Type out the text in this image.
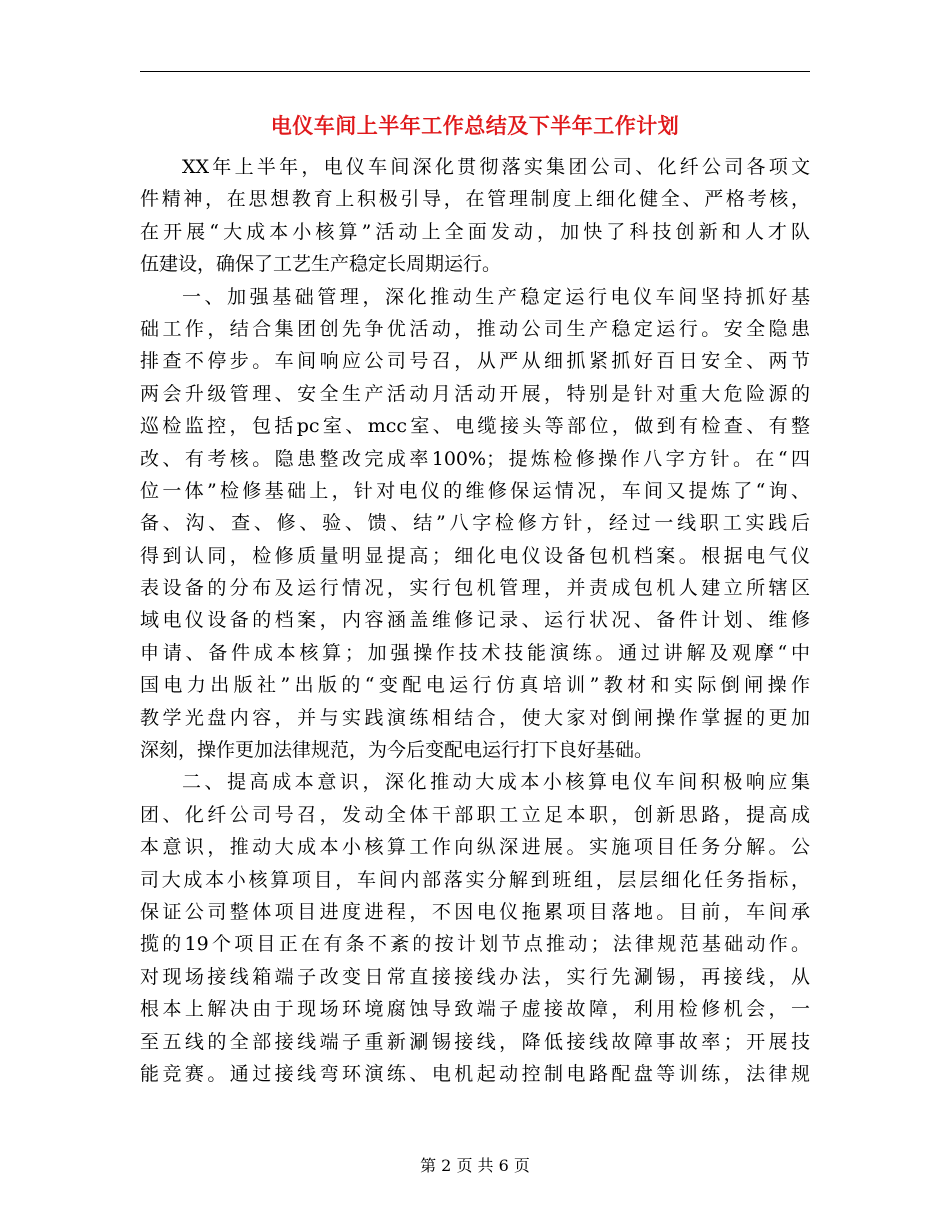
电仪车间上半年工作总结及下半年工作计划
XX年上半年，电仪车间深化贯彻落实集团公司、化纤公司各项文
件精神，在思想教育上积极引导，在管理制度上细化健全、严格考核，
在开展“大成本小核算”活动上全面发动，加快了科技创新和人才队
伍建设，确保了工艺生产稳定长周期运行。
一、加强基础管理，深化推动生产稳定运行电仪车间坚持抓好基
础工作，结合集团创先争优活动，推动公司生产稳定运行。安全隐患
排查不停步。车间响应公司号召，从严从细抓紧抓好百日安全、两节
两会升级管理、安全生产活动月活动开展，特别是针对重大危险源的
巡检监控，包括pc室、mcc室、电缆接头等部位，做到有检查、有整
改、有考核。隐患整改完成率100%；提炼检修操作八字方针。在“四
位一体”检修基础上，针对电仪的维修保运情况，车间又提炼了“询、
备、沟、查、修、验、馈、结”八字检修方针，经过一线职工实践后
得到认同，检修质量明显提高；细化电仪设备包机档案。根据电气仪
表设备的分布及运行情况，实行包机管理，并责成包机人建立所辖区
域电仪设备的档案，内容涵盖维修记录、运行状况、备件计划、维修
申请、备件成本核算；加强操作技术技能演练。通过讲解及观摩“中
国电力出版社”出版的“变配电运行仿真培训”教材和实际倒闸操作
教学光盘内容，并与实践演练相结合，使大家对倒闸操作掌握的更加
深刻，操作更加法律规范，为今后变配电运行打下良好基础。
二、提高成本意识，深化推动大成本小核算电仪车间积极响应集
团、化纤公司号召，发动全体干部职工立足本职，创新思路，提高成
本意识，推动大成本小核算工作向纵深进展。实施项目任务分解。公
司大成本小核算项目，车间内部落实分解到班组，层层细化任务指标，
保证公司整体项目进度进程，不因电仪拖累项目落地。目前，车间承
揽的19个项目正在有条不紊的按计划节点推动；法律规范基础动作。
对现场接线箱端子改变日常直接接线办法，实行先涮锡，再接线，从
根本上解决由于现场环境腐蚀导致端子虚接故障，利用检修机会，一
至五线的全部接线端子重新涮锡接线，降低接线故障事故率；开展技
能竞赛。通过接线弯环演练、电机起动控制电路配盘等训练，法律规
第 2 页 共 6 页
